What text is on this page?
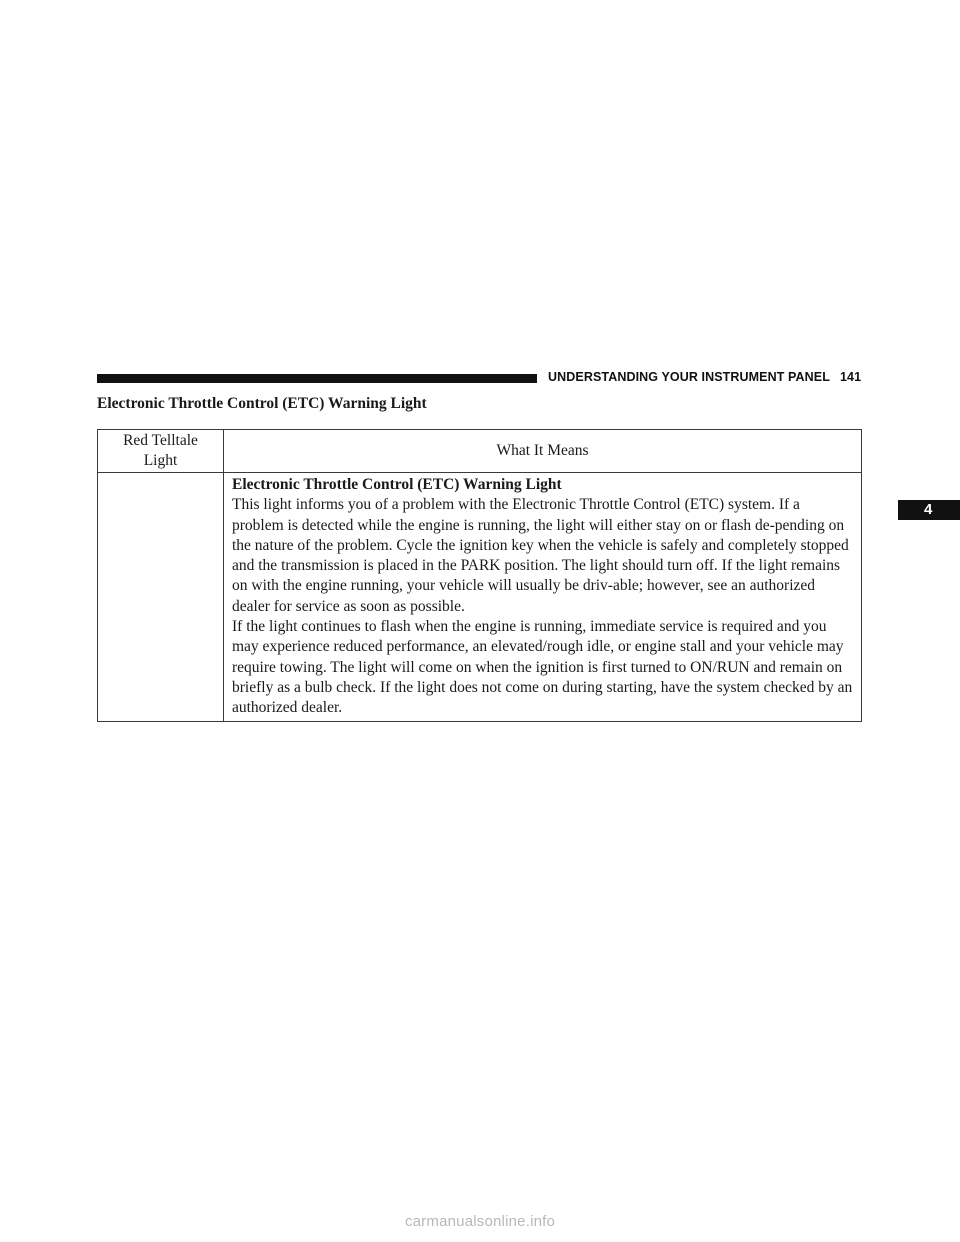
UNDERSTANDING YOUR INSTRUMENT PANEL 141
4
Electronic Throttle Control (ETC) Warning Light
Red Telltale Light	What It Means

	Electronic Throttle Control (ETC) Warning Light

This light informs you of a problem with the Electronic Throttle Control (ETC) system. If a problem is detected while the engine is running, the light will either stay on or flash de-pending on the nature of the problem. Cycle the ignition key when the vehicle is safely and completely stopped and the transmission is placed in the PARK position. The light should turn off. If the light remains on with the engine running, your vehicle will usually be driv-able; however, see an authorized dealer for service as soon as possible.

If the light continues to flash when the engine is running, immediate service is required and you may experience reduced performance, an elevated/rough idle, or engine stall and your vehicle may require towing. The light will come on when the ignition is first turned to ON/RUN and remain on briefly as a bulb check. If the light does not come on during starting, have the system checked by an authorized dealer.

carmanualsonline.info
